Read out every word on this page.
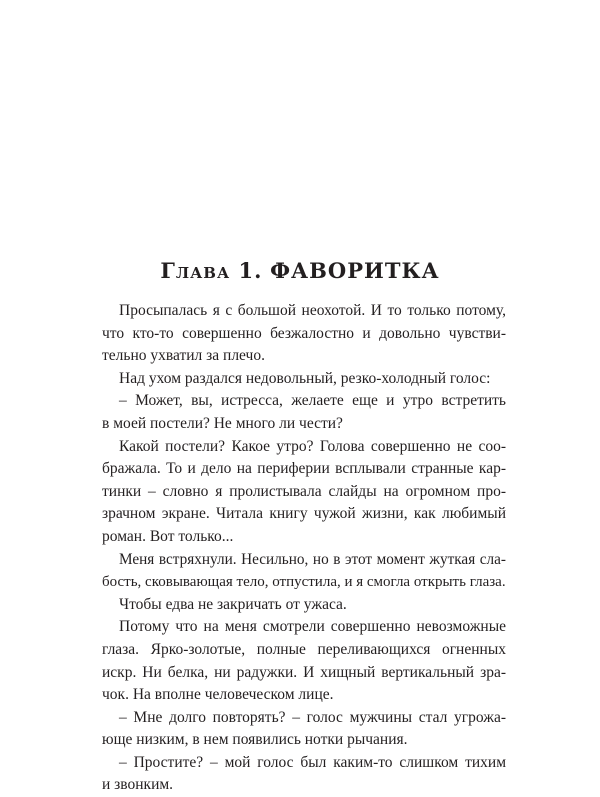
Глава 1. ФАВОРИТКА
Просыпалась я с большой неохотой. И то только потому,
что кто-то совершенно безжалостно и довольно чувстви-
тельно ухватил за плечо.
Над ухом раздался недовольный, резко-холодный голос:
– Может, вы, истресса, желаете еще и утро встретить
в моей постели? Не много ли чести?
Какой постели? Какое утро? Голова совершенно не соо-
бражала. То и дело на периферии всплывали странные кар-
тинки – словно я пролистывала слайды на огромном про-
зрачном экране. Читала книгу чужой жизни, как любимый
роман. Вот только...
Меня встряхнули. Несильно, но в этот момент жуткая сла-
бость, сковывающая тело, отпустила, и я смогла открыть глаза.
Чтобы едва не закричать от ужаса.
Потому что на меня смотрели совершенно невозможные
глаза. Ярко-золотые, полные переливающихся огненных
искр. Ни белка, ни радужки. И хищный вертикальный зра-
чок. На вполне человеческом лице.
– Мне долго повторять? – голос мужчины стал угрожа-
юще низким, в нем появились нотки рычания.
– Простите? – мой голос был каким-то слишком тихим
и звонким.
